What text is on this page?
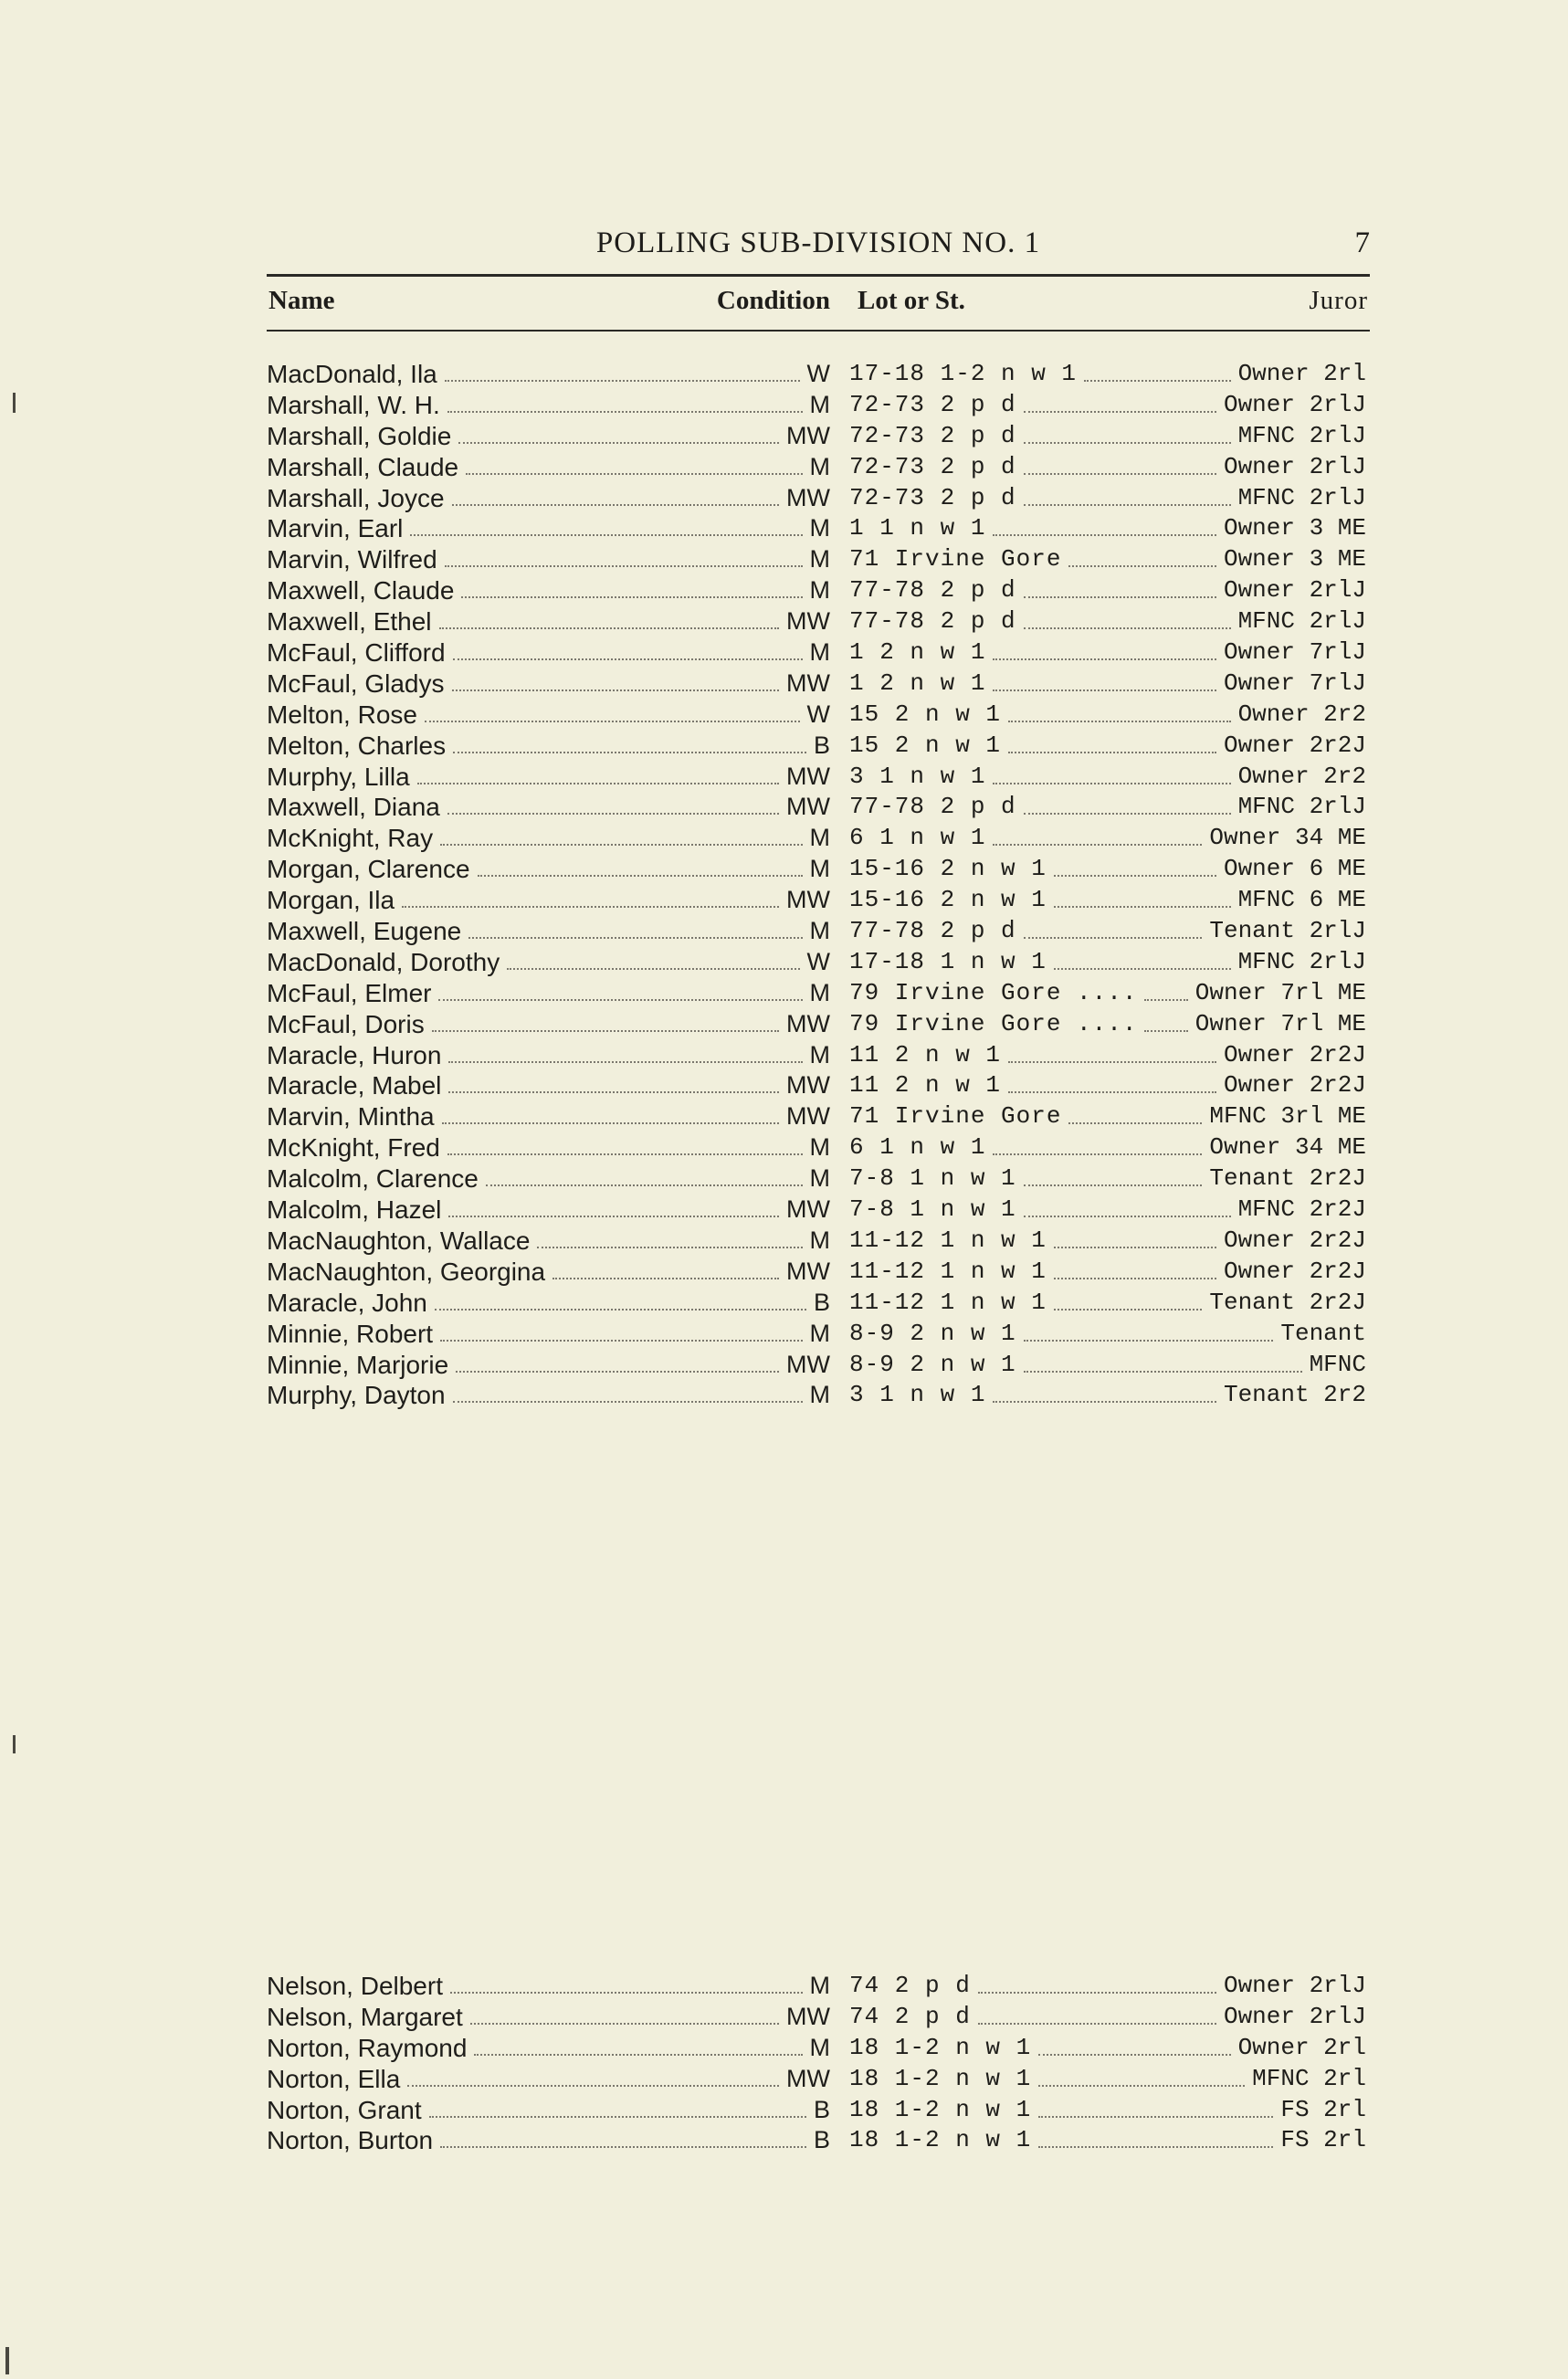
POLLING SUB-DIVISION NO. 1	7
Name	Condition Lot or St.	Juror
MacDonald, Ila	W 17-18 1-2 n w 1	Owner 2rl
Marshall, W. H.	M 72-73 2 p d	Owner 2rlJ
Marshall, Goldie	MW 72-73 2 p d	MFNC 2rlJ
Marshall, Claude	M 72-73 2 p d	Owner 2rlJ
Marshall, Joyce	MW 72-73 2 p d	MFNC 2rlJ
Marvin, Earl	M 1 1 n w 1	Owner 3 ME
Marvin, Wilfred	M 71 Irvine Gore	Owner 3 ME
Maxwell, Claude	M 77-78 2 p d	Owner 2rlJ
Maxwell, Ethel	MW 77-78 2 p d	MFNC 2rlJ
McFaul, Clifford	M 1 2 n w 1	Owner 7rlJ
McFaul, Gladys	MW 1 2 n w 1	Owner 7rlJ
Melton, Rose	W 15 2 n w 1	Owner 2r2
Melton, Charles	B 15 2 n w 1	Owner 2r2J
Murphy, Lilla	MW 3 1 n w 1	Owner 2r2
Maxwell, Diana	MW 77-78 2 p d	MFNC 2rlJ
McKnight, Ray	M 6 1 n w 1	Owner 34 ME
Morgan, Clarence	M 15-16 2 n w 1	Owner 6 ME
Morgan, Ila	MW 15-16 2 n w 1	MFNC 6 ME
Maxwell, Eugene	M 77-78 2 p d	Tenant 2rlJ
MacDonald, Dorothy	W 17-18 1 n w 1	MFNC 2rlJ
McFaul, Elmer	M 79 Irvine Gore .... Owner 7rl ME
McFaul, Doris	MW 79 Irvine Gore .... Owner 7rl ME
Maracle, Huron	M 11 2 n w 1	Owner 2r2J
Maracle, Mabel	MW 11 2 n w 1	Owner 2r2J
Marvin, Mintha	MW 71 Irvine Gore	MFNC 3rl ME
McKnight, Fred	M 6 1 n w 1	Owner 34 ME
Malcolm, Clarence	M 7-8 1 n w 1	Tenant 2r2J
Malcolm, Hazel	MW 7-8 1 n w 1	MFNC 2r2J
MacNaughton, Wallace	M 11-12 1 n w 1	Owner 2r2J
MacNaughton, Georgina	MW 11-12 1 n w 1	Owner 2r2J
Maracle, John	B 11-12 1 n w 1	Tenant 2r2J
Minnie, Robert	M 8-9 2 n w 1	Tenant
Minnie, Marjorie	MW 8-9 2 n w 1	MFNC
Murphy, Dayton	M 3 1 n w 1	Tenant 2r2
Nelson, Delbert	M 74 2 p d	Owner 2rlJ
Nelson, Margaret	MW 74 2 p d	Owner 2rlJ
Norton, Raymond	M 18 1-2 n w 1	Owner 2rl
Norton, Ella	MW 18 1-2 n w 1	MFNC 2rl
Norton, Grant	B 18 1-2 n w 1	FS 2rl
Norton, Burton	B 18 1-2 n w 1	FS 2rl
